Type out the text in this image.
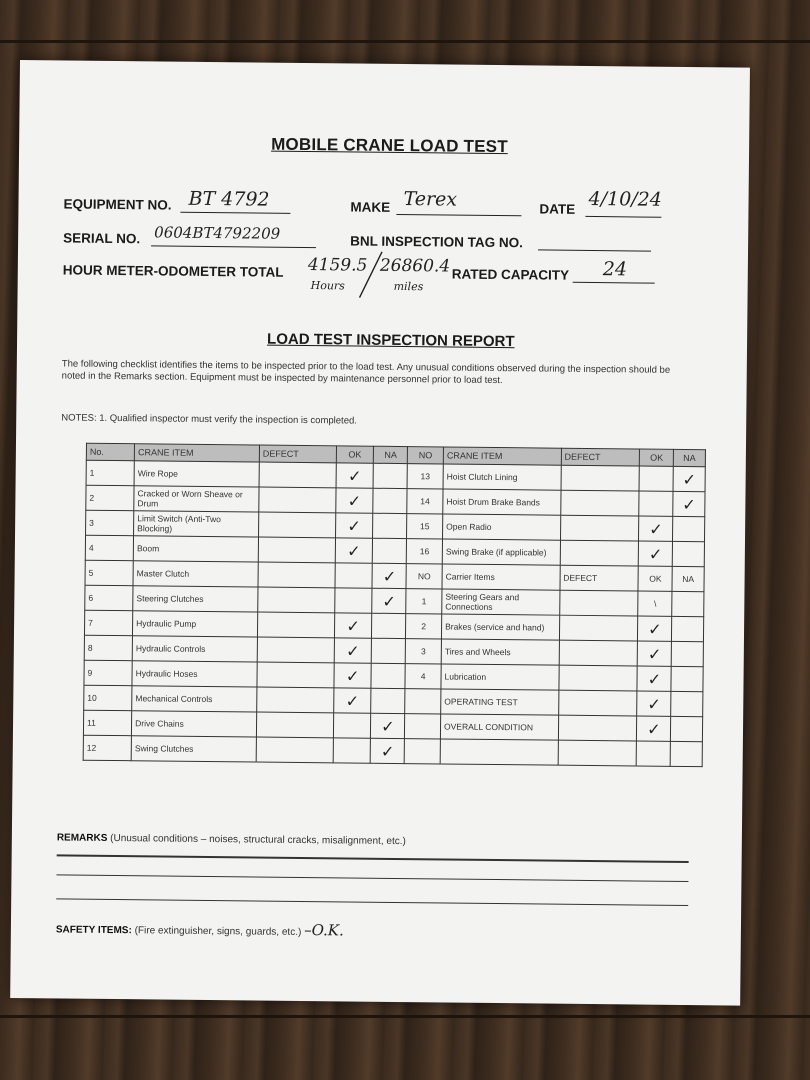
MOBILE CRANE LOAD TEST
EQUIPMENT NO. BT 4792	MAKE Terex	DATE 4/10/24
SERIAL NO. 0604BT4792209	BNL INSPECTION TAG NO.
HOUR METER-ODOMETER TOTAL 4159.5 26860.4
Hours	miles
RATED CAPACITY 24
LOAD TEST INSPECTION REPORT
The following checklist identifies the items to be inspected prior to the load test. Any unusual conditions observed during the inspection should be noted in the Remarks section. Equipment must be inspected by maintenance personnel prior to load test.
NOTES: 1. Qualified inspector must verify the inspection is completed.
No.	CRANE ITEM	DEFECT	OK	NA	NO	CRANE ITEM	DEFECT	OK	NA
1	Wire Rope		✓		13	Hoist Clutch Lining			✓
2	Cracked or Worn Sheave or Drum		✓		14	Hoist Drum Brake Bands			✓
3	Limit Switch (Anti-Two Blocking)		✓		15	Open Radio		✓	
4	Boom		✓		16	Swing Brake (if applicable)		✓	
5	Master Clutch			✓	NO	Carrier Items	DEFECT	OK	NA
6	Steering Clutches			✓	1	Steering Gears and Connections		\	
7	Hydraulic Pump		✓		2	Brakes (service and hand)		✓	
8	Hydraulic Controls		✓		3	Tires and Wheels		✓	
9	Hydraulic Hoses		✓		4	Lubrication		✓	
10	Mechanical Controls		✓			OPERATING TEST		✓	
11	Drive Chains			✓		OVERALL CONDITION		✓	
12	Swing Clutches			✓					
REMARKS (Unusual conditions – noises, structural cracks, misalignment, etc.)
SAFETY ITEMS: (Fire extinguisher, signs, guards, etc.) –O.K.
